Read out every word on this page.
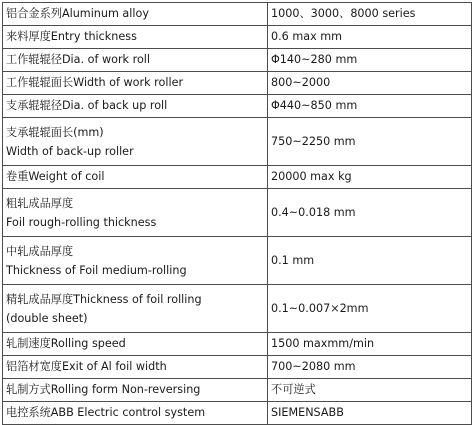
铝合金系列Aluminum alloy	1000、3000、8000 series

来料厚度Entry thickness	0.6 max mm

工作辊辊径Dia. of work roll	Φ140~280 mm

工作辊辊面长Width of work roller	800~2000

支承辊辊径Dia. of back up roll	Φ440~850 mm

支承辊辊面长(mm)
Width of back-up roller	750~2250 mm

卷重Weight of coil	20000 max kg

粗轧成品厚度
Foil rough-rolling thickness	0.4~0.018 mm

中轧成品厚度
Thickness of Foil medium-rolling	0.1 mm

精轧成品厚度Thickness of foil rolling
(double sheet)	0.1~0.007×2mm

轧制速度Rolling speed	1500 maxmm/min

铝箔材宽度Exit of Al foil width	700~2080 mm

轧制方式Rolling form Non-reversing	不可逆式

电控系统ABB Electric control system	SIEMENSABB
